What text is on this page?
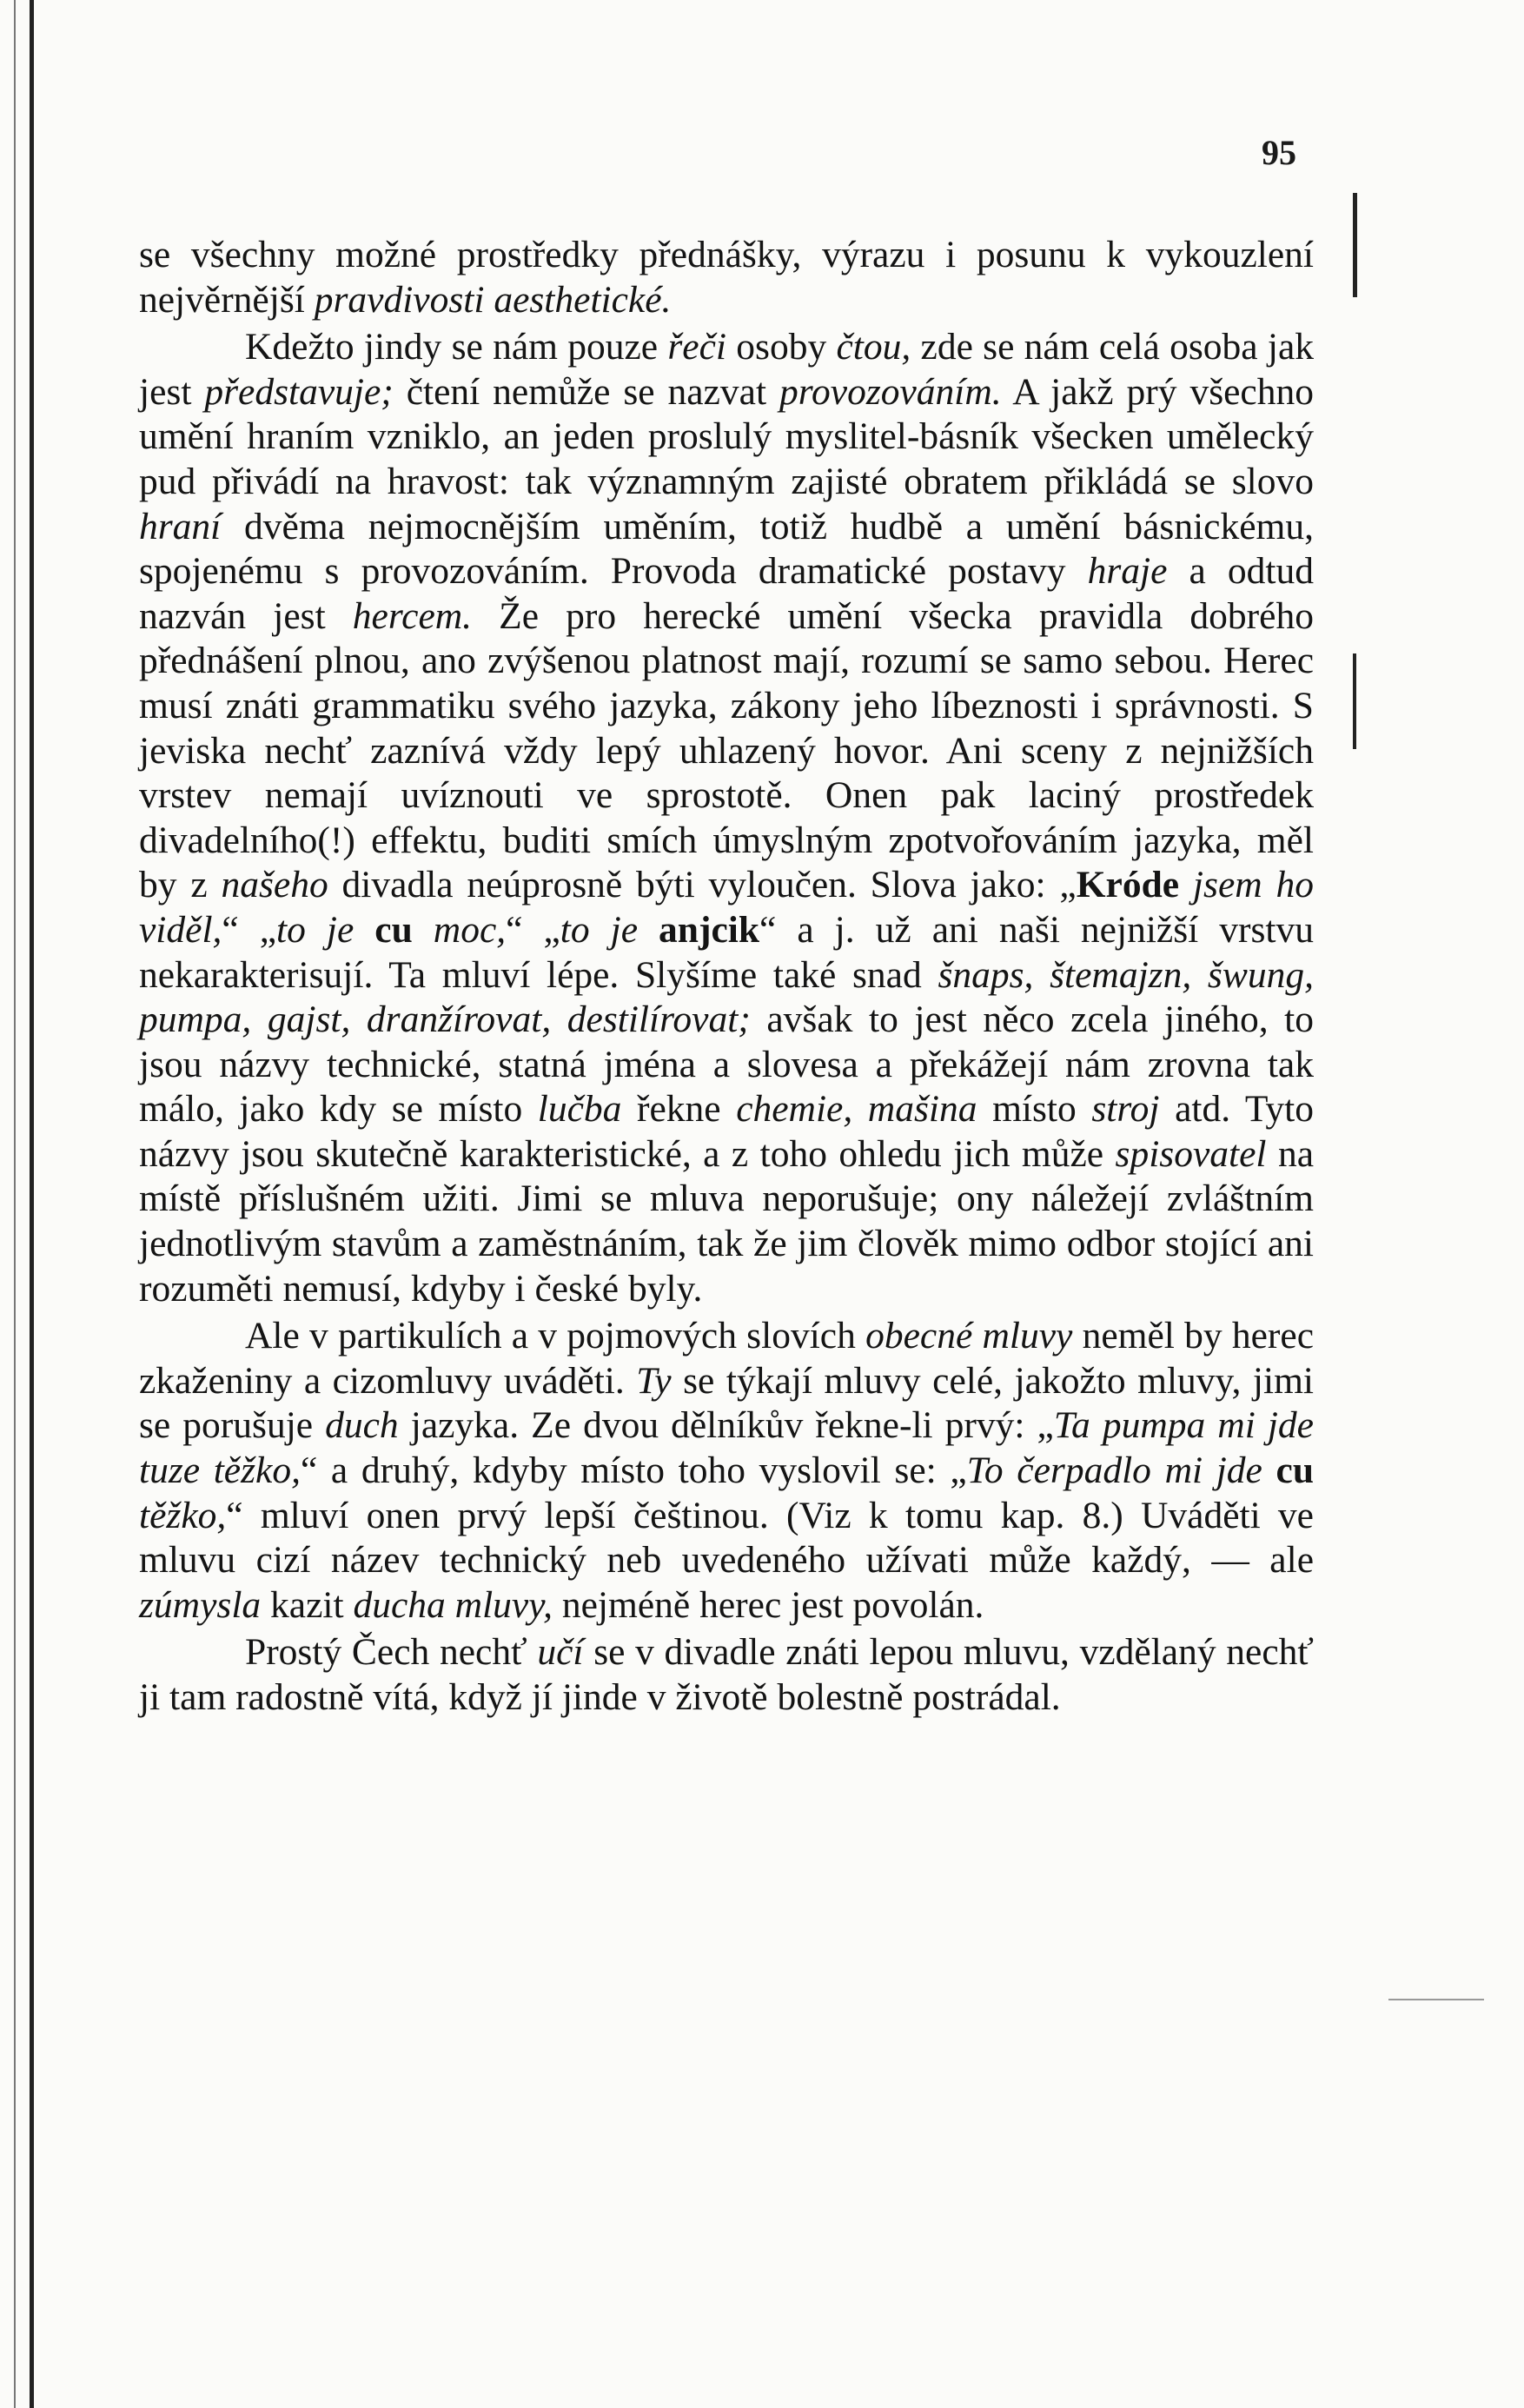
95

se všechny možné prostředky přednášky, výrazu i posunu k vykouzlení nejvěrnější pravdivosti aesthetické.

Kdežto jindy se nám pouze řeči osoby čtou, zde se nám celá osoba jak jest představuje; čtení nemůže se nazvat provozováním. A jakž prý všechno umění hraním vzniklo, an jeden proslulý myslitel-básník všecken umělecký pud přivádí na hravost: tak významným zajisté obratem přikládá se slovo hraní dvěma nejmocnějším uměním, totiž hudbě a umění básnickému, spojenému s provozováním. Provoda dramatické postavy hraje a odtud nazván jest hercem. Že pro herecké umění všecka pravidla dobrého přednášení plnou, ano zvýšenou platnost mají, rozumí se samo sebou. Herec musí znáti grammatiku svého jazyka, zákony jeho líbeznosti i správnosti. S jeviska nechť zaznívá vždy lepý uhlazený hovor. Ani sceny z nejnižších vrstev nemají uvíznouti ve sprostotě. Onen pak laciný prostředek divadelního(!) effektu, buditi smích úmyslným zpotvořováním jazyka, měl by z našeho divadla neúprosně býti vyloučen. Slova jako: „Króde jsem ho viděl,“ „to je cu moc,“ „to je anjcik“ a j. už ani naši nejnižší vrstvu nekarakterisují. Ta mluví lépe. Slyšíme také snad šnaps, štemajzn, šwung, pumpa, gajst, dranžírovat, destilírovat; avšak to jest něco zcela jiného, to jsou názvy technické, statná jména a slovesa a překážejí nám zrovna tak málo, jako kdy se místo lučba řekne chemie, mašina místo stroj atd. Tyto názvy jsou skutečně karakteristické, a z toho ohledu jich může spisovatel na místě příslušném užiti. Jimi se mluva neporušuje; ony náležejí zvláštním jednotlivým stavům a zaměstnáním, tak že jim člověk mimo odbor stojící ani rozuměti nemusí, kdyby i české byly.

Ale v partikulích a v pojmových slovích obecné mluvy neměl by herec zkaženiny a cizomluvy uváděti. Ty se týkají mluvy celé, jakožto mluvy, jimi se porušuje duch jazyka. Ze dvou dělníkův řekne-li prvý: „Ta pumpa mi jde tuze těžko,“ a druhý, kdyby místo toho vyslovil se: „To čerpadlo mi jde cu těžko,“ mluví onen prvý lepší češtinou. (Viz k tomu kap. 8.) Uváděti ve mluvu cizí název technický neb uvedeného užívati může každý, — ale zúmysla kazit ducha mluvy, nejméně herec jest povolán.

Prostý Čech nechť učí se v divadle znáti lepou mluvu, vzdělaný nechť ji tam radostně vítá, když jí jinde v životě bolestně postrádal.
